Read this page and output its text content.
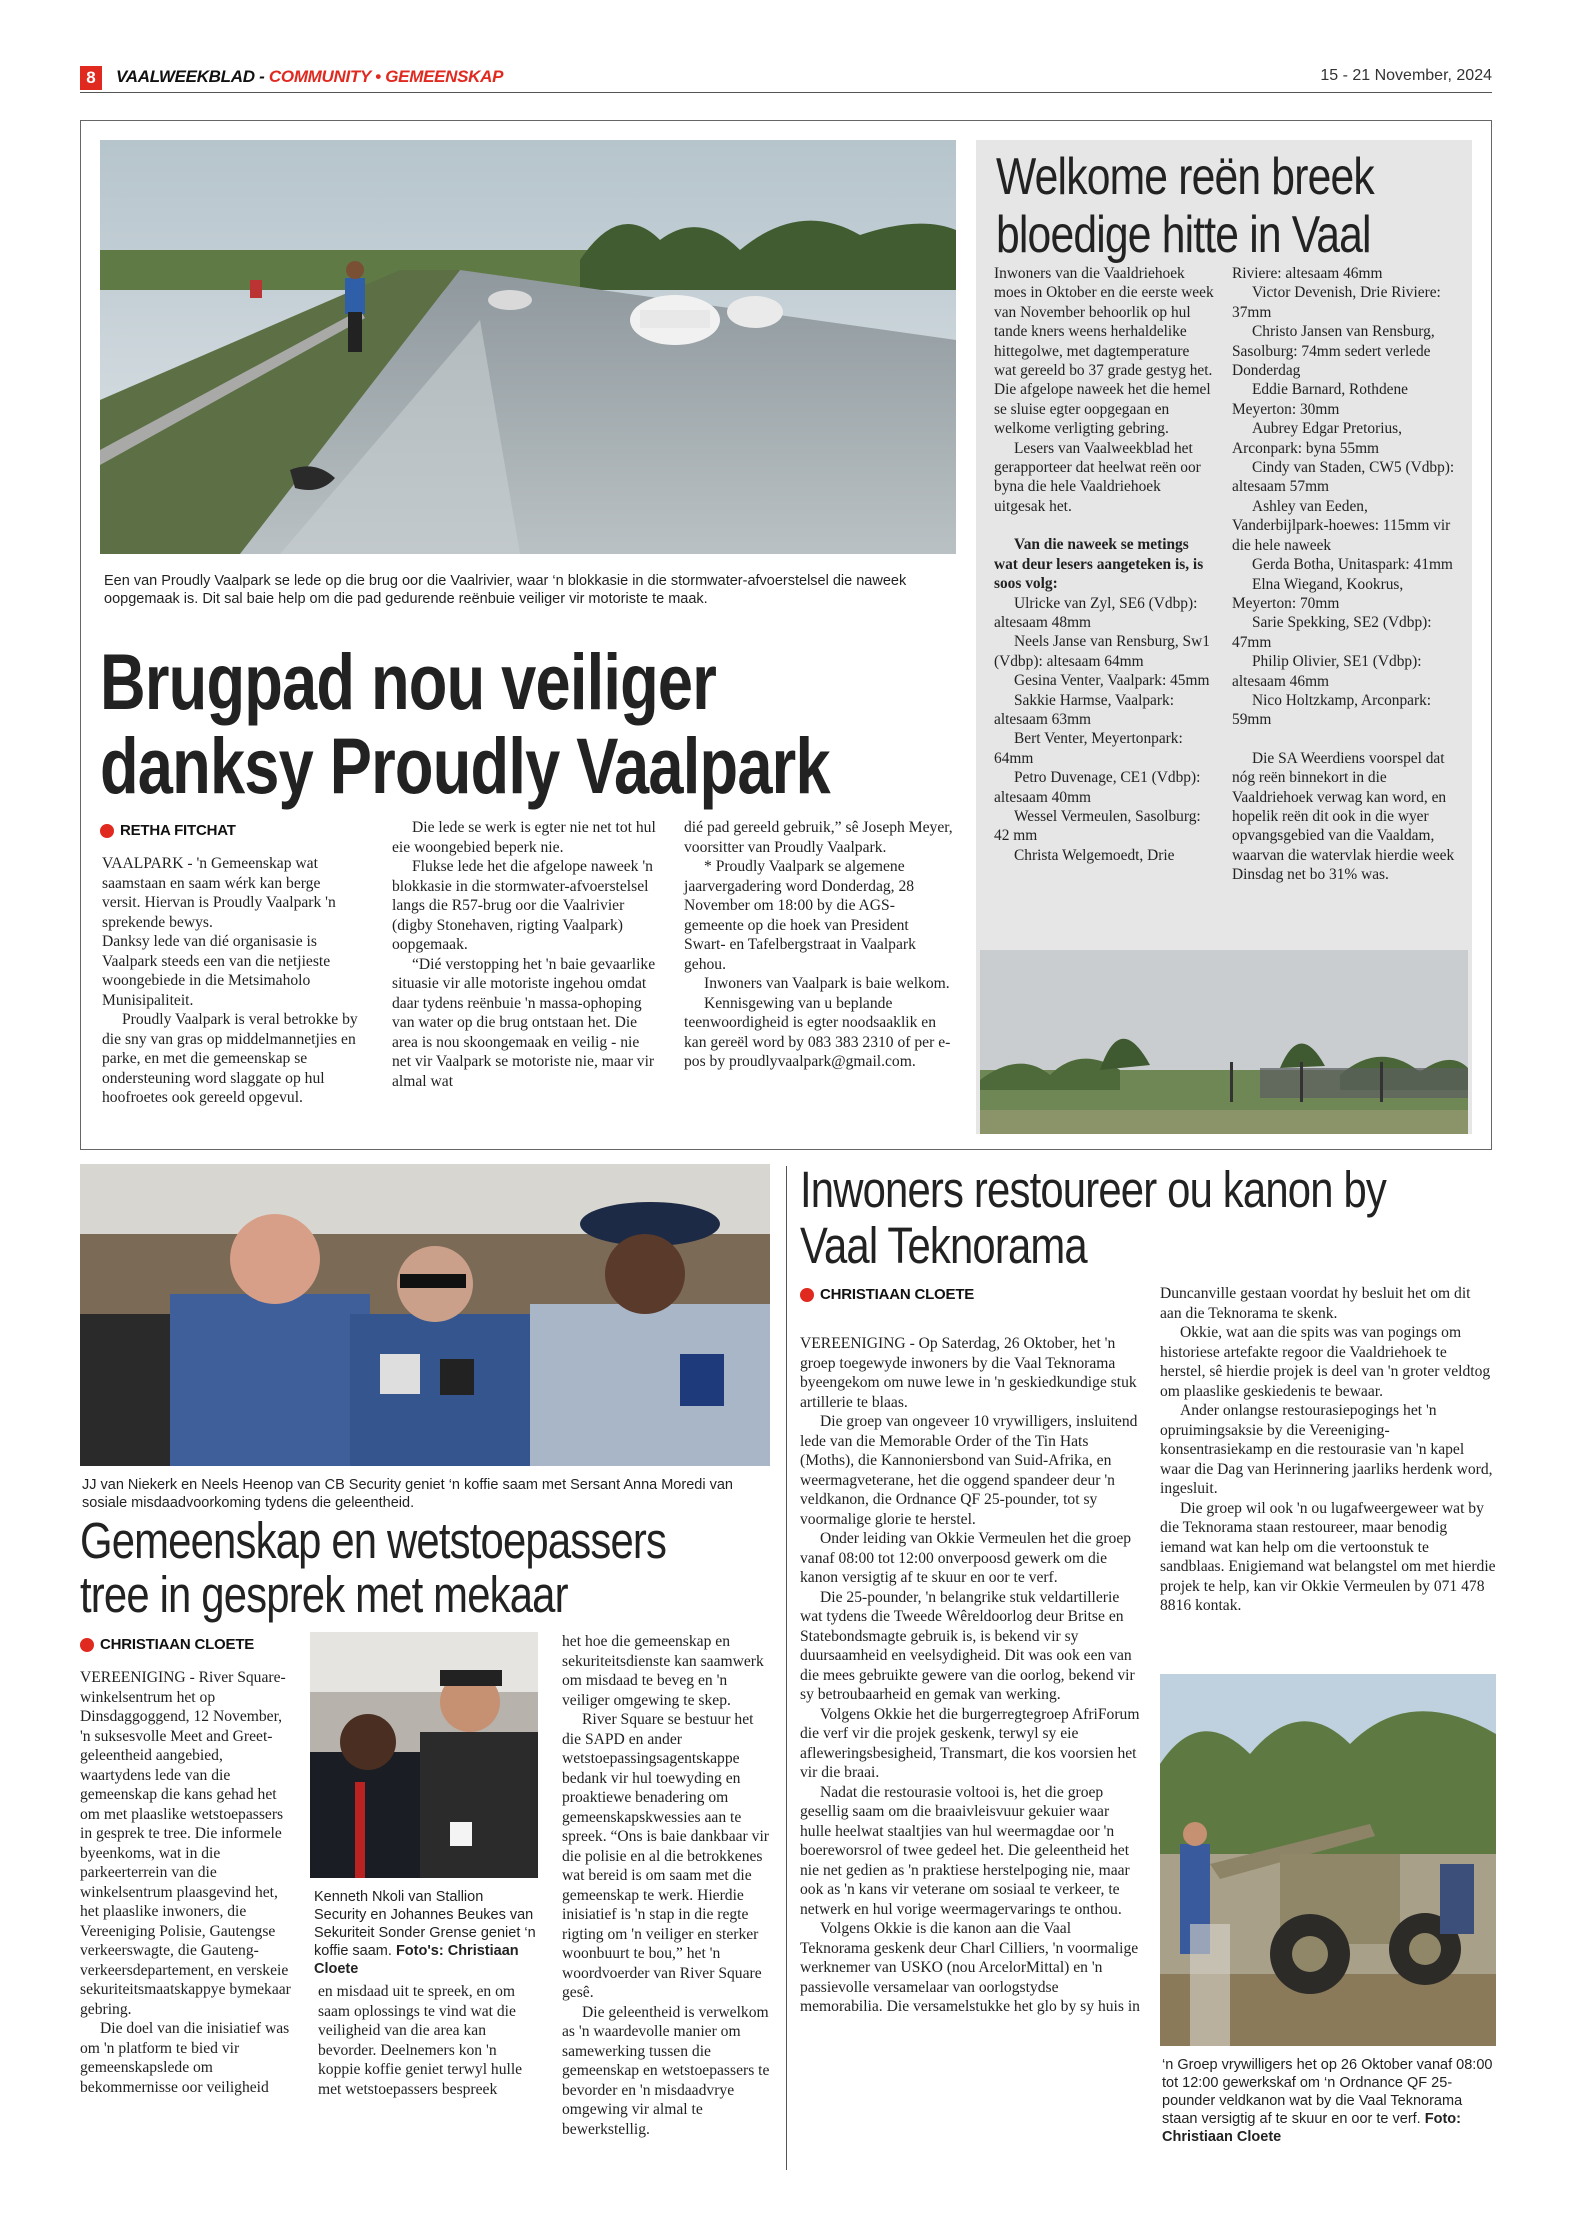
8	VAALWEEKBLAD - COMMUNITY • GEMEENSKAP	15 - 21 November, 2024
Een van Proudly Vaalpark se lede op die brug oor die Vaalrivier, waar ‘n blokkasie in die stormwater-afvoerstelsel die naweek oopgemaak is. Dit sal baie help om die pad gedurende reënbuie veiliger vir motoriste te maak.
Brugpad nou veiliger
danksy Proudly Vaalpark
RETHA FITCHAT

VAALPARK - 'n Gemeenskap wat saamstaan en saam wérk kan berge versit. Hiervan is Proudly Vaalpark 'n sprekende bewys.

Danksy lede van dié organisasie is Vaalpark steeds een van die netjieste woongebiede in die Metsimaholo Munisipaliteit.

Proudly Vaalpark is veral betrokke by die sny van gras op middelmannetjies en parke, en met die gemeenskap se ondersteuning word slaggate op hul hoofroetes ook gereeld opgevul.

Die lede se werk is egter nie net tot hul eie woongebied beperk nie.

Flukse lede het die afgelope naweek 'n blokkasie in die stormwater-afvoerstelsel langs die R57-brug oor die Vaalrivier (digby Stonehaven, rigting Vaalpark) oopgemaak.

“Dié verstopping het 'n baie gevaarlike situasie vir alle motoriste ingehou omdat daar tydens reënbuie 'n massa-ophoping van water op die brug ontstaan het. Die area is nou skoongemaak en veilig - nie net vir Vaalpark se motoriste nie, maar vir almal wat

dié pad gereeld gebruik,” sê Joseph Meyer, voorsitter van Proudly Vaalpark.

* Proudly Vaalpark se algemene jaarvergadering word Donderdag, 28 November om 18:00 by die AGS-gemeente op die hoek van President Swart- en Tafelbergstraat in Vaalpark gehou.

Inwoners van Vaalpark is baie welkom.

Kennisgewing van u beplande teenwoordigheid is egter noodsaaklik en kan gereël word by 083 383 2310 of per e-pos by proudlyvaalpark@gmail.com.

Welkome reën breek
bloedige hitte in Vaal

Inwoners van die Vaaldriehoek moes in Oktober en die eerste week van November behoorlik op hul tande kners weens herhaldelike hittegolwe, met dagtemperature wat gereeld bo 37 grade gestyg het.

Die afgelope naweek het die hemel se sluise egter oopgegaan en welkome verligting gebring.

Lesers van Vaalweekblad het gerapporteer dat heelwat reën oor byna die hele Vaaldriehoek uitgesak het.

Van die naweek se metings wat deur lesers aangeteken is, is soos volg:

Ulricke van Zyl, SE6 (Vdbp): altesaam 48mm

Neels Janse van Rensburg, Sw1 (Vdbp): altesaam 64mm

Gesina Venter, Vaalpark: 45mm

Sakkie Harmse, Vaalpark: altesaam 63mm

Bert Venter, Meyertonpark: 64mm

Petro Duvenage, CE1 (Vdbp): altesaam 40mm

Wessel Vermeulen, Sasolburg: 42 mm

Christa Welgemoedt, Drie

Riviere: altesaam 46mm

Victor Devenish, Drie Riviere: 37mm

Christo Jansen van Rensburg, Sasolburg: 74mm sedert verlede Donderdag

Eddie Barnard, Rothdene Meyerton: 30mm

Aubrey Edgar Pretorius, Arconpark: byna 55mm

Cindy van Staden, CW5 (Vdbp): altesaam 57mm

Ashley van Eeden, Vanderbijlpark-hoewes: 115mm vir die hele naweek

Gerda Botha, Unitaspark: 41mm

Elna Wiegand, Kookrus, Meyerton: 70mm

Sarie Spekking, SE2 (Vdbp): 47mm

Philip Olivier, SE1 (Vdbp): altesaam 46mm

Nico Holtzkamp, Arconpark: 59mm

Die SA Weerdiens voorspel dat nóg reën binnekort in die Vaaldriehoek verwag kan word, en hopelik reën dit ook in die wyer opvangsgebied van die Vaaldam, waarvan die watervlak hierdie week Dinsdag net bo 31% was.

JJ van Niekerk en Neels Heenop van CB Security geniet ‘n koffie saam met Sersant Anna Moredi van sosiale misdaadvoorkoming tydens die geleentheid.
Gemeenskap en wetstoepassers
tree in gesprek met mekaar
CHRISTIAAN CLOETE

VEREENIGING - River Square-winkelsentrum het op Dinsdaggoggend, 12 November, 'n suksesvolle Meet and Greet-geleentheid aangebied, waartydens lede van die gemeenskap die kans gehad het om met plaaslike wetstoepassers in gesprek te tree. Die informele byeenkoms, wat in die parkeerterrein van die winkelsentrum plaasgevind het, het plaaslike inwoners, die Vereeniging Polisie, Gautengse verkeerswagte, die Gauteng-verkeersdepartement, en verskeie sekuriteitsmaatskappye bymekaar gebring.

Die doel van die inisiatief was om 'n platform te bied vir gemeenskapslede om bekommernisse oor veiligheid

Kenneth Nkoli van Stallion Security en Johannes Beukes van Sekuriteit Sonder Grense geniet ‘n koffie saam. Foto's: Christiaan Cloete

en misdaad uit te spreek, en om saam oplossings te vind wat die veiligheid van die area kan bevorder. Deelnemers kon 'n koppie koffie geniet terwyl hulle met wetstoepassers bespreek

het hoe die gemeenskap en sekuriteitsdienste kan saamwerk om misdaad te beveg en 'n veiliger omgewing te skep.

River Square se bestuur het die SAPD en ander wetstoepassingsagentskappe bedank vir hul toewyding en proaktiewe benadering om gemeenskapskwessies aan te spreek. “Ons is baie dankbaar vir die polisie en al die betrokkenes wat bereid is om saam met die gemeenskap te werk. Hierdie inisiatief is 'n stap in die regte rigting om 'n veiliger en sterker woonbuurt te bou,” het 'n woordvoerder van River Square gesê.

Die geleentheid is verwelkom as 'n waardevolle manier om samewerking tussen die gemeenskap en wetstoepassers te bevorder en 'n misdaadvrye omgewing vir almal te bewerkstellig.

Inwoners restoureer ou kanon by
Vaal Teknorama
CHRISTIAAN CLOETE

VEREENIGING - Op Saterdag, 26 Oktober, het 'n groep toegewyde inwoners by die Vaal Teknorama byeengekom om nuwe lewe in 'n geskiedkundige stuk artillerie te blaas.

Die groep van ongeveer 10 vrywilligers, insluitend lede van die Memorable Order of the Tin Hats (Moths), die Kannoniersbond van Suid-Afrika, en weermagveterane, het die oggend spandeer deur 'n veldkanon, die Ordnance QF 25-pounder, tot sy voormalige glorie te herstel.

Onder leiding van Okkie Vermeulen het die groep vanaf 08:00 tot 12:00 onverpoosd gewerk om die kanon versigtig af te skuur en oor te verf.

Die 25-pounder, 'n belangrike stuk veldartillerie wat tydens die Tweede Wêreldoorlog deur Britse en Statebondsmagte gebruik is, is bekend vir sy duursaamheid en veelsydigheid. Dit was ook een van die mees gebruikte gewere van die oorlog, bekend vir sy betroubaarheid en gemak van werking.

Volgens Okkie het die burgerregtegroep AfriForum die verf vir die projek geskenk, terwyl sy eie afleweringsbesigheid, Transmart, die kos voorsien het vir die braai.

Nadat die restourasie voltooi is, het die groep gesellig saam om die braaivleisvuur gekuier waar hulle heelwat staaltjies van hul weermagdae oor 'n boereworsrol of twee gedeel het. Die geleentheid het nie net gedien as 'n praktiese herstelpoging nie, maar ook as 'n kans vir veterane om sosiaal te verkeer, te netwerk en hul vorige weermagervarings te onthou.

Volgens Okkie is die kanon aan die Vaal Teknorama geskenk deur Charl Cilliers, 'n voormalige werknemer van USKO (nou ArcelorMittal) en 'n passievolle versamelaar van oorlogstydse memorabilia. Die versamelstukke het glo by sy huis in

Duncanville gestaan voordat hy besluit het om dit aan die Teknorama te skenk.

Okkie, wat aan die spits was van pogings om historiese artefakte regoor die Vaaldriehoek te herstel, sê hierdie projek is deel van 'n groter veldtog om plaaslike geskiedenis te bewaar.

Ander onlangse restourasiepogings het 'n opruimingsaksie by die Vereeniging-konsentrasiekamp en die restourasie van 'n kapel waar die Dag van Herinnering jaarliks herdenk word, ingesluit.

Die groep wil ook 'n ou lugafweergeweer wat by die Teknorama staan restoureer, maar benodig iemand wat kan help om die vertoonstuk te sandblaas. Enigiemand wat belangstel om met hierdie projek te help, kan vir Okkie Vermeulen by 071 478 8816 kontak.

‘n Groep vrywilligers het op 26 Oktober vanaf 08:00 tot 12:00 gewerkskaf om ‘n Ordnance QF 25-pounder veldkanon wat by die Vaal Teknorama staan versigtig af te skuur en oor te verf. Foto: Christiaan Cloete
